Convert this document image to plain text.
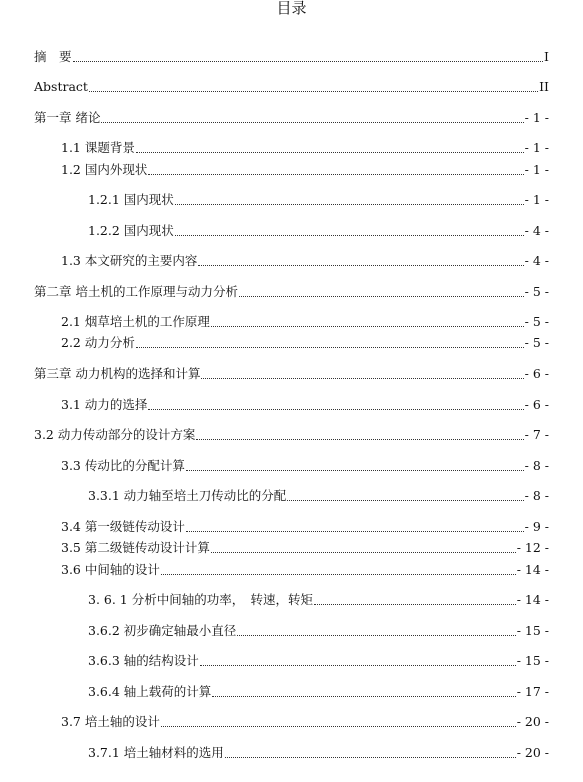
目录
摘　要	I
Abstract	II
第一章 绪论	- 1 -
1.1 课题背景	- 1 -
1.2 国内外现状	- 1 -
1.2.1 国内现状	- 1 -
1.2.2 国内现状	- 4 -
1.3 本文研究的主要内容	- 4 -
第二章 培土机的工作原理与动力分析	- 5 -
2.1 烟草培土机的工作原理	- 5 -
2.2 动力分析	- 5 -
第三章 动力机构的选择和计算	- 6 -
3.1 动力的选择	- 6 -
3.2 动力传动部分的设计方案	- 7 -
3.3 传动比的分配计算	- 8 -
3.3.1 动力轴至培土刀传动比的分配	- 8 -
3.4 第一级链传动设计	- 9 -
3.5 第二级链传动设计计算	- 12 -
3.6 中间轴的设计	- 14 -
3. 6. 1 分析中间轴的功率，　转速，转矩	- 14 -
3.6.2 初步确定轴最小直径	- 15 -
3.6.3 轴的结构设计	- 15 -
3.6.4 轴上载荷的计算	- 17 -
3.7 培土轴的设计	- 20 -
3.7.1 培土轴材料的选用	- 20 -
